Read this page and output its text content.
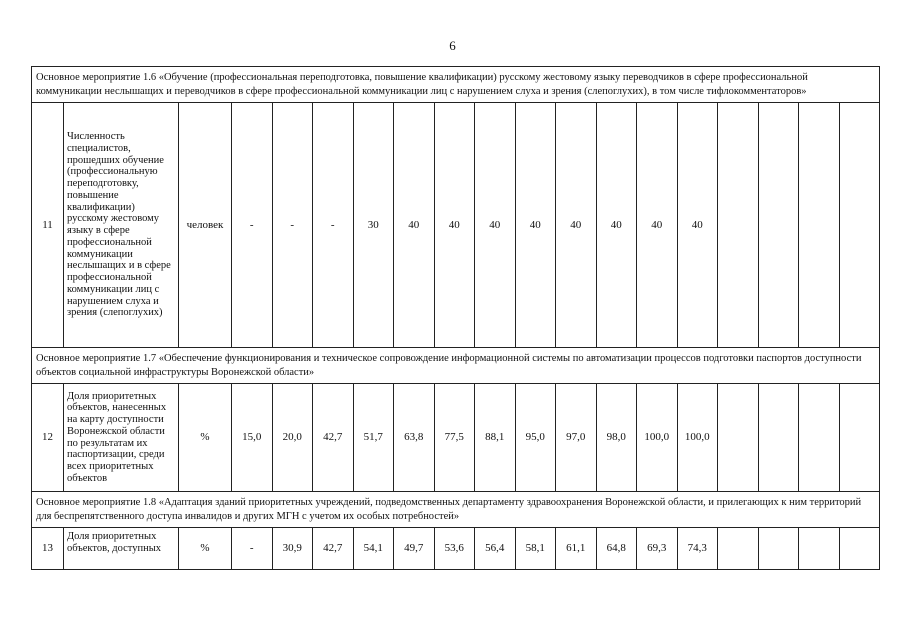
6
Основное мероприятие 1.6 «Обучение (профессиональная переподготовка, повышение квалификации) русскому жестовому языку переводчиков в сфере профессиональной коммуникации неслышащих и переводчиков в сфере профессиональной коммуникации лиц с нарушением слуха и зрения (слепоглухих), в том числе тифлокомментаторов»																		
11	Численность специалистов, прошедших обучение (профессиональную переподготовку, повышение квалификации) русскому жестовому языку в сфере профессиональной коммуникации неслышащих и в сфере профессиональной коммуникации лиц с нарушением слуха и зрения (слепоглухих)	человек	-	-	-	30	40	40	40	40	40	40	40	40				
Основное мероприятие 1.7 «Обеспечение функционирования и техническое сопровождение информационной системы по автоматизации процессов подготовки паспортов доступности объектов социальной инфраструктуры Воронежской области»																		
12	Доля приоритетных объектов, нанесенных на карту доступности Воронежской области по результатам их паспортизации, среди всех приоритетных объектов	%	15,0	20,0	42,7	51,7	63,8	77,5	88,1	95,0	97,0	98,0	100,0	100,0				
Основное мероприятие 1.8 «Адаптация зданий приоритетных учреждений, подведомственных департаменту здравоохранения Воронежской области, и прилегающих к ним территорий для беспрепятственного доступа инвалидов и других МГН с учетом их особых потребностей»																		
13	Доля приоритетных объектов, доступных	%	-	30,9	42,7	54,1	49,7	53,6	56,4	58,1	61,1	64,8	69,3	74,3				
